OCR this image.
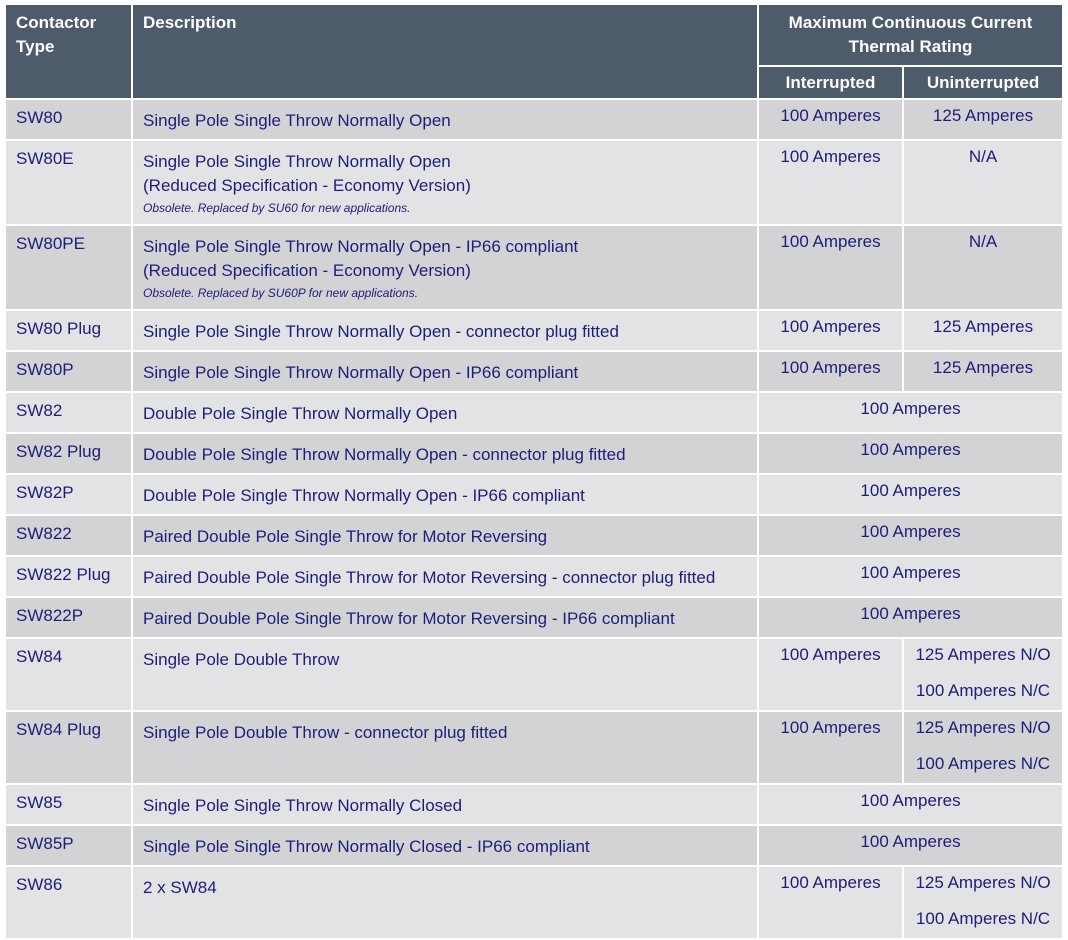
Contactor Type	Description	Maximum Continuous Current Thermal Rating	
		Interrupted	Uninterrupted
SW80	Single Pole Single Throw Normally Open	100 Amperes	125 Amperes
SW80E	Single Pole Single Throw Normally Open
(Reduced Specification - Economy Version)
Obsolete. Replaced by SU60 for new applications.	100 Amperes	N/A
SW80PE	Single Pole Single Throw Normally Open - IP66 compliant
(Reduced Specification - Economy Version)
Obsolete. Replaced by SU60P for new applications.	100 Amperes	N/A
SW80 Plug	Single Pole Single Throw Normally Open - connector plug fitted	100 Amperes	125 Amperes
SW80P	Single Pole Single Throw Normally Open - IP66 compliant	100 Amperes	125 Amperes
SW82	Double Pole Single Throw Normally Open	100 Amperes	
SW82 Plug	Double Pole Single Throw Normally Open - connector plug fitted	100 Amperes	
SW82P	Double Pole Single Throw Normally Open - IP66 compliant	100 Amperes	
SW822	Paired Double Pole Single Throw for Motor Reversing	100 Amperes	
SW822 Plug	Paired Double Pole Single Throw for Motor Reversing - connector plug fitted	100 Amperes	
SW822P	Paired Double Pole Single Throw for Motor Reversing - IP66 compliant	100 Amperes	
SW84	Single Pole Double Throw	100 Amperes	125 Amperes N/O
100 Amperes N/C

SW84 Plug	Single Pole Double Throw - connector plug fitted	100 Amperes	125 Amperes N/O
100 Amperes N/C

SW85	Single Pole Single Throw Normally Closed	100 Amperes	
SW85P	Single Pole Single Throw Normally Closed - IP66 compliant	100 Amperes	
SW86	2 x SW84	100 Amperes	125 Amperes N/O
100 Amperes N/C
